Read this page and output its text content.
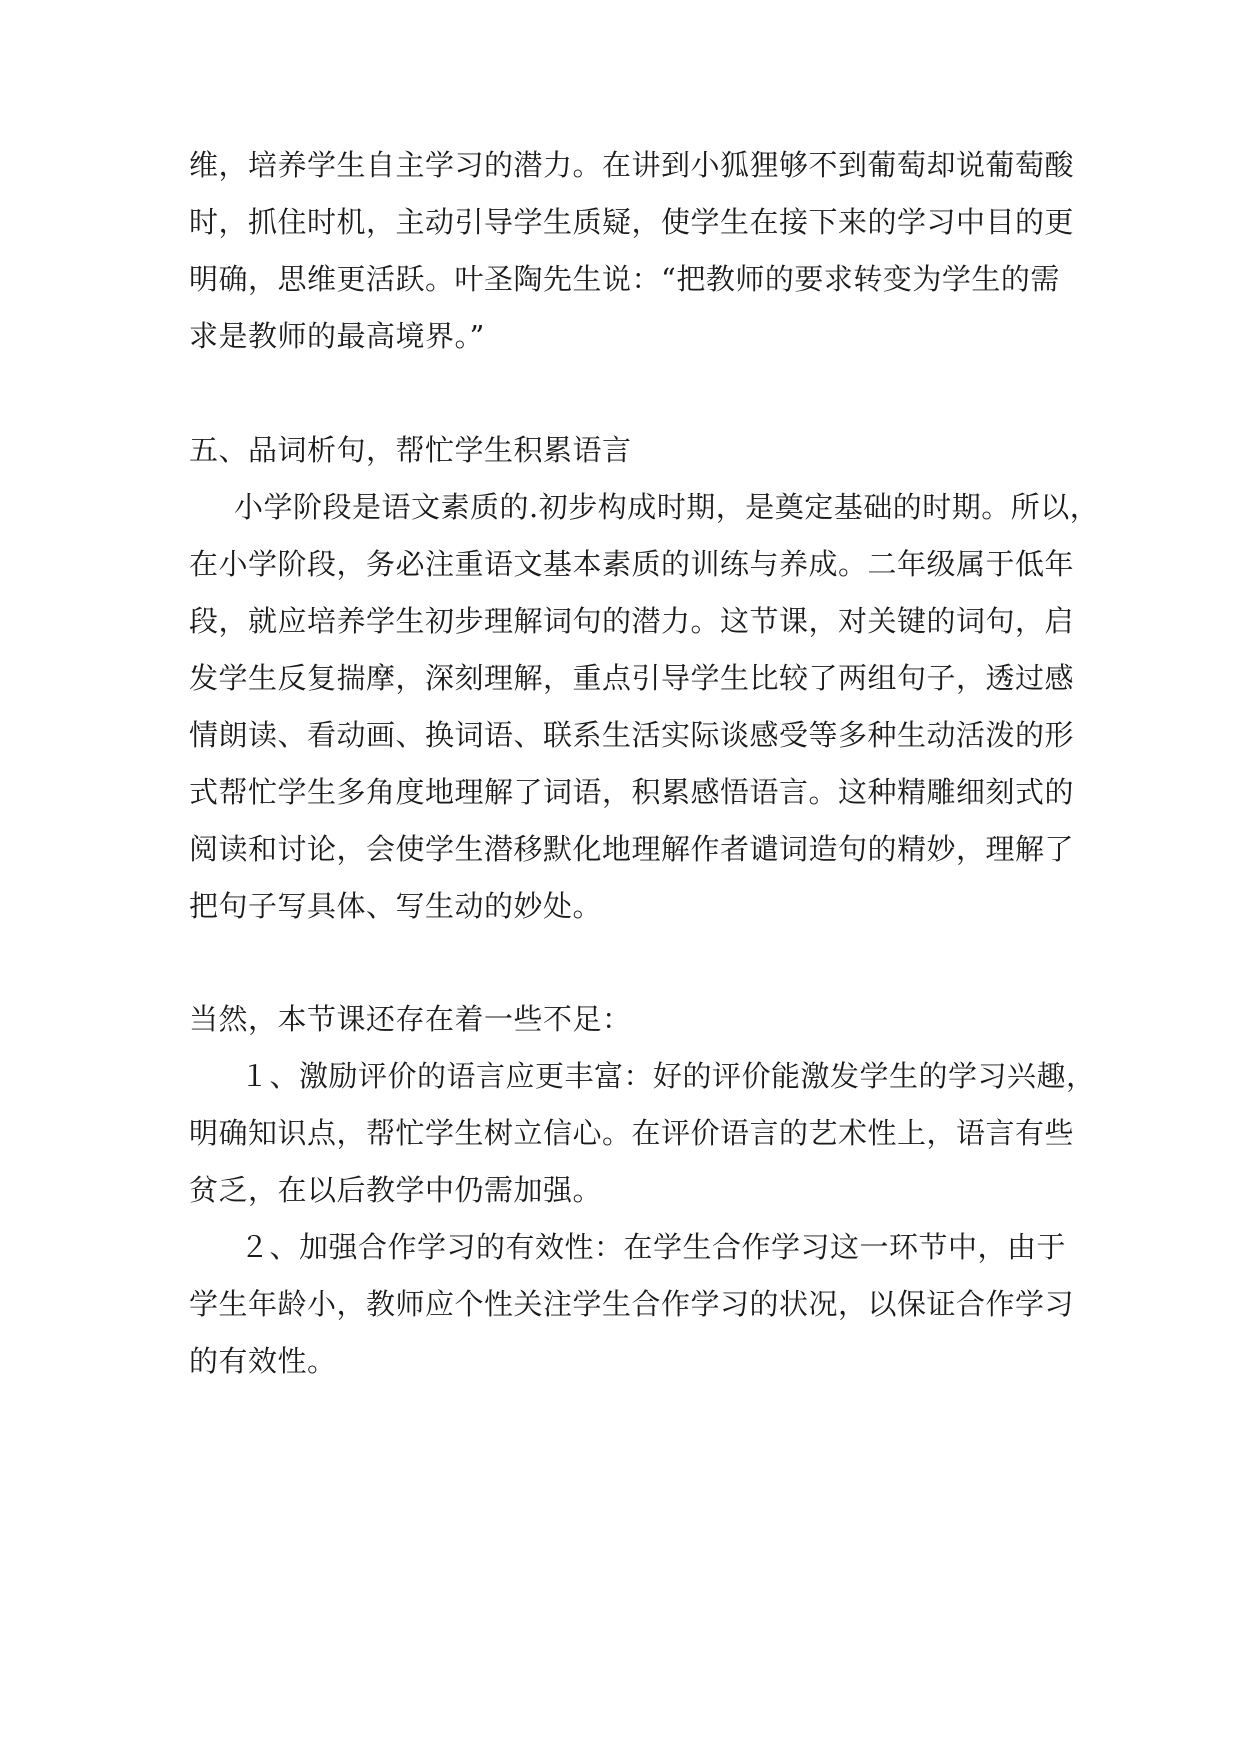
维，培养学生自主学习的潜力。在讲到小狐狸够不到葡萄却说葡萄酸

时，抓住时机，主动引导学生质疑，使学生在接下来的学习中目的更

明确，思维更活跃。叶圣陶先生说：“把教师的要求转变为学生的需

求是教师的最高境界。”

五、品词析句，帮忙学生积累语言

小学阶段是语文素质的.初步构成时期，是奠定基础的时期。所以，

在小学阶段，务必注重语文基本素质的训练与养成。二年级属于低年

段，就应培养学生初步理解词句的潜力。这节课，对关键的词句，启

发学生反复揣摩，深刻理解，重点引导学生比较了两组句子，透过感

情朗读、看动画、换词语、联系生活实际谈感受等多种生动活泼的形

式帮忙学生多角度地理解了词语，积累感悟语言。这种精雕细刻式的

阅读和讨论，会使学生潜移默化地理解作者谴词造句的精妙，理解了

把句子写具体、写生动的妙处。

当然，本节课还存在着一些不足：

１、激励评价的语言应更丰富：好的评价能激发学生的学习兴趣，

明确知识点，帮忙学生树立信心。在评价语言的艺术性上，语言有些

贫乏，在以后教学中仍需加强。

２、加强合作学习的有效性：在学生合作学习这一环节中，由于

学生年龄小，教师应个性关注学生合作学习的状况，以保证合作学习

的有效性。
